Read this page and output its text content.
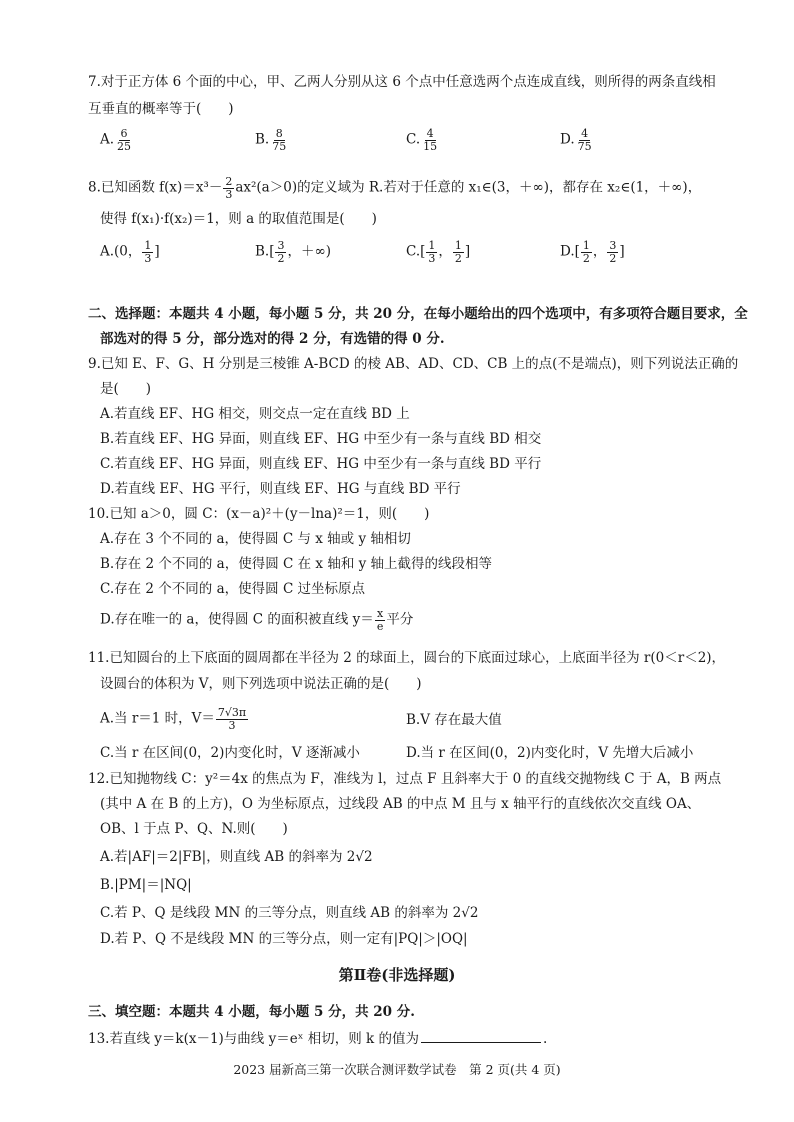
7.对于正方体 6 个面的中心，甲、乙两人分别从这 6 个点中任意选两个点连成直线，则所得的两条直线相
互垂直的概率等于(　　)
A. $\frac{6}{25}$	B. $\frac{8}{75}$	C. $\frac{4}{15}$	D. $\frac{4}{75}$
8.已知函数 $f(x)=x^3- \frac{2}{3} ax^2(a>0)$的定义域为 R.若对于任意的 x₁∈(3，＋∞)，都存在 x₂∈(1，＋∞)，
使得 f(x₁)·f(x₂)＝1，则 a 的取值范围是(　　)
A.(0， $\frac{1}{3}$ ]	$B.[ \frac{3}{2}$ ，＋∞)	$C.[ \frac{1}{3}$ ， $\frac{1}{2}$ ]	$D.[ \frac{1}{2}$ ， $\frac{3}{2}$ ]
二、选择题：本题共 4 小题，每小题 5 分，共 20 分，在每小题给出的四个选项中，有多项符合题目要求，全
部选对的得 5 分，部分选对的得 2 分，有选错的得 0 分.
9.已知 E、F、G、H 分别是三棱锥 A-BCD 的棱 AB、AD、CD、CB 上的点(不是端点)，则下列说法正确的
是(　　)
A.若直线 EF、HG 相交，则交点一定在直线 BD 上
B.若直线 EF、HG 异面，则直线 EF、HG 中至少有一条与直线 BD 相交
C.若直线 EF、HG 异面，则直线 EF、HG 中至少有一条与直线 BD 平行
D.若直线 EF、HG 平行，则直线 EF、HG 与直线 BD 平行
10.已知 a＞0，圆 C：(x－a)²＋(y－lna)²＝1，则(　　)
A.存在 3 个不同的 a，使得圆 C 与 x 轴或 y 轴相切
B.存在 2 个不同的 a，使得圆 C 在 x 轴和 y 轴上截得的线段相等
C.存在 2 个不同的 a，使得圆 C 过坐标原点
D.存在唯一的 a，使得圆 C 的面积被直线 $y= \frac{x}{e}$ 平分
11.已知圆台的上下底面的圆周都在半径为 2 的球面上，圆台的下底面过球心，上底面半径为 r(0＜r＜2)，
设圆台的体积为 V，则下列选项中说法正确的是(　　)
A.当 r＝1 时，$V= \frac{7√3\pi}{3}$	B.V 存在最大值
C.当 r 在区间(0，2)内变化时，V 逐渐减小	D.当 r 在区间(0，2)内变化时，V 先增大后减小
12.已知抛物线 C：y²＝4x 的焦点为 F，准线为 l，过点 F 且斜率大于 0 的直线交抛物线 C 于 A，B 两点
(其中 A 在 B 的上方)，O 为坐标原点，过线段 AB 的中点 M 且与 x 轴平行的直线依次交直线 OA、
OB、l 于点 P、Q、N.则(　　)
A.若|AF|＝2|FB|，则直线 AB 的斜率为 2√2
B.|PM|＝|NQ|
C.若 P、Q 是线段 MN 的三等分点，则直线 AB 的斜率为 2√2
D.若 P、Q 不是线段 MN 的三等分点，则一定有|PQ|＞|OQ|
第Ⅱ卷(非选择题)
三、填空题：本题共 4 小题，每小题 5 分，共 20 分.
13.若直线 y＝k(x－1)与曲线 y＝eˣ 相切，则 k 的值为	.
2023 届新高三第一次联合测评数学试卷　第 2 页(共 4 页)
